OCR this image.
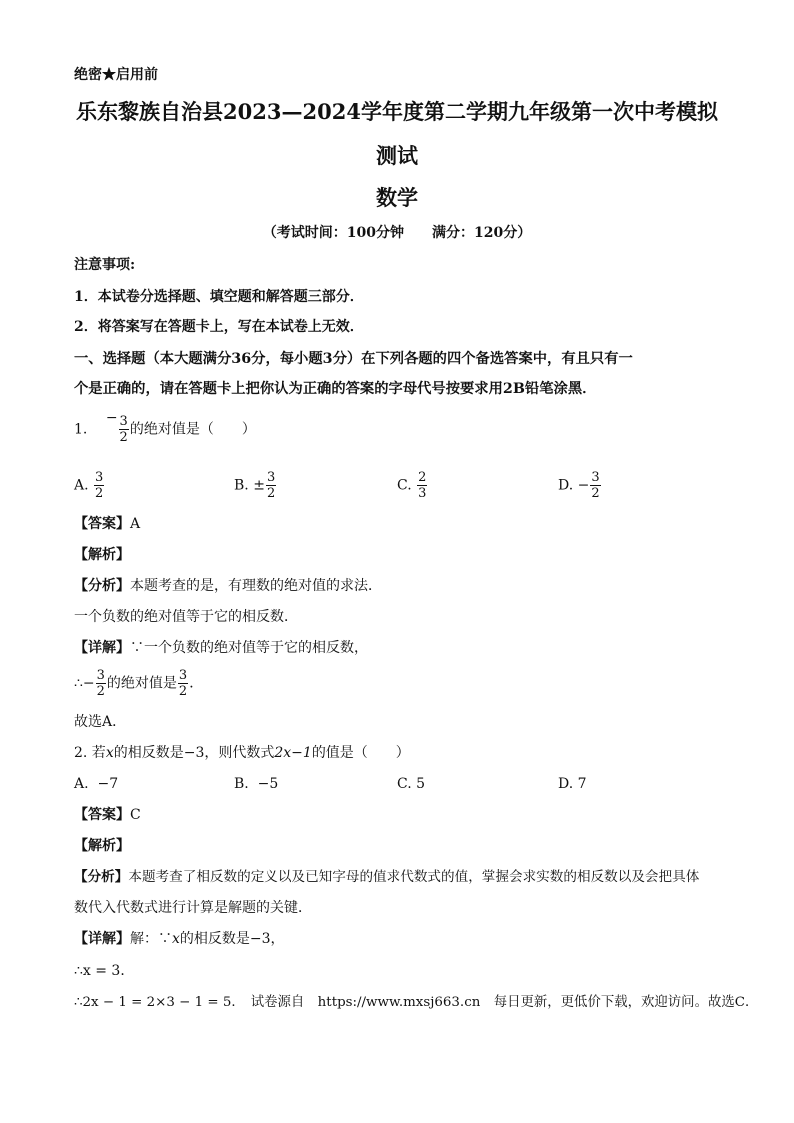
绝密★启用前
乐东黎族自治县2023—2024学年度第二学期九年级第一次中考模拟
测试
数学
（考试时间：100分钟　　满分：120分）
注意事项:
1．本试卷分选择题、填空题和解答题三部分．
2．将答案写在答题卡上，写在本试卷上无效．
一、选择题（本大题满分36分，每小题3分）在下列各题的四个备选答案中，有且只有一
个是正确的，请在答题卡上把你认为正确的答案的字母代号按要求用2B铅笔涂黑．
1. − $\frac{3}{2}$ 的绝对值是（　　）
A. $\frac{3}{2}$	B. ± $\frac{3}{2}$	C. $\frac{2}{3}$	D. − $\frac{3}{2}$
【答案】A
【解析】
【分析】本题考查的是，有理数的绝对值的求法．
一个负数的绝对值等于它的相反数．
【详解】∵一个负数的绝对值等于它的相反数，
∴− $\frac{3}{2}$ 的绝对值是 $\frac{3}{2}$ ．
故选A．
2. 若x的相反数是−3，则代数式2x−1的值是（　　）
A. −7	B. −5	C. 5	D. 7
【答案】C
【解析】
【分析】本题考查了相反数的定义以及已知字母的值求代数式的值，掌握会求实数的相反数以及会把具体
数代入代数式进行计算是解题的关键．
【详解】解：∵x的相反数是−3，
∴x = 3．
∴2x − 1 = 2×3 − 1 = 5． 试卷源自　https://www.mxsj663.cn　每日更新，更低价下载，欢迎访问。故选C．
